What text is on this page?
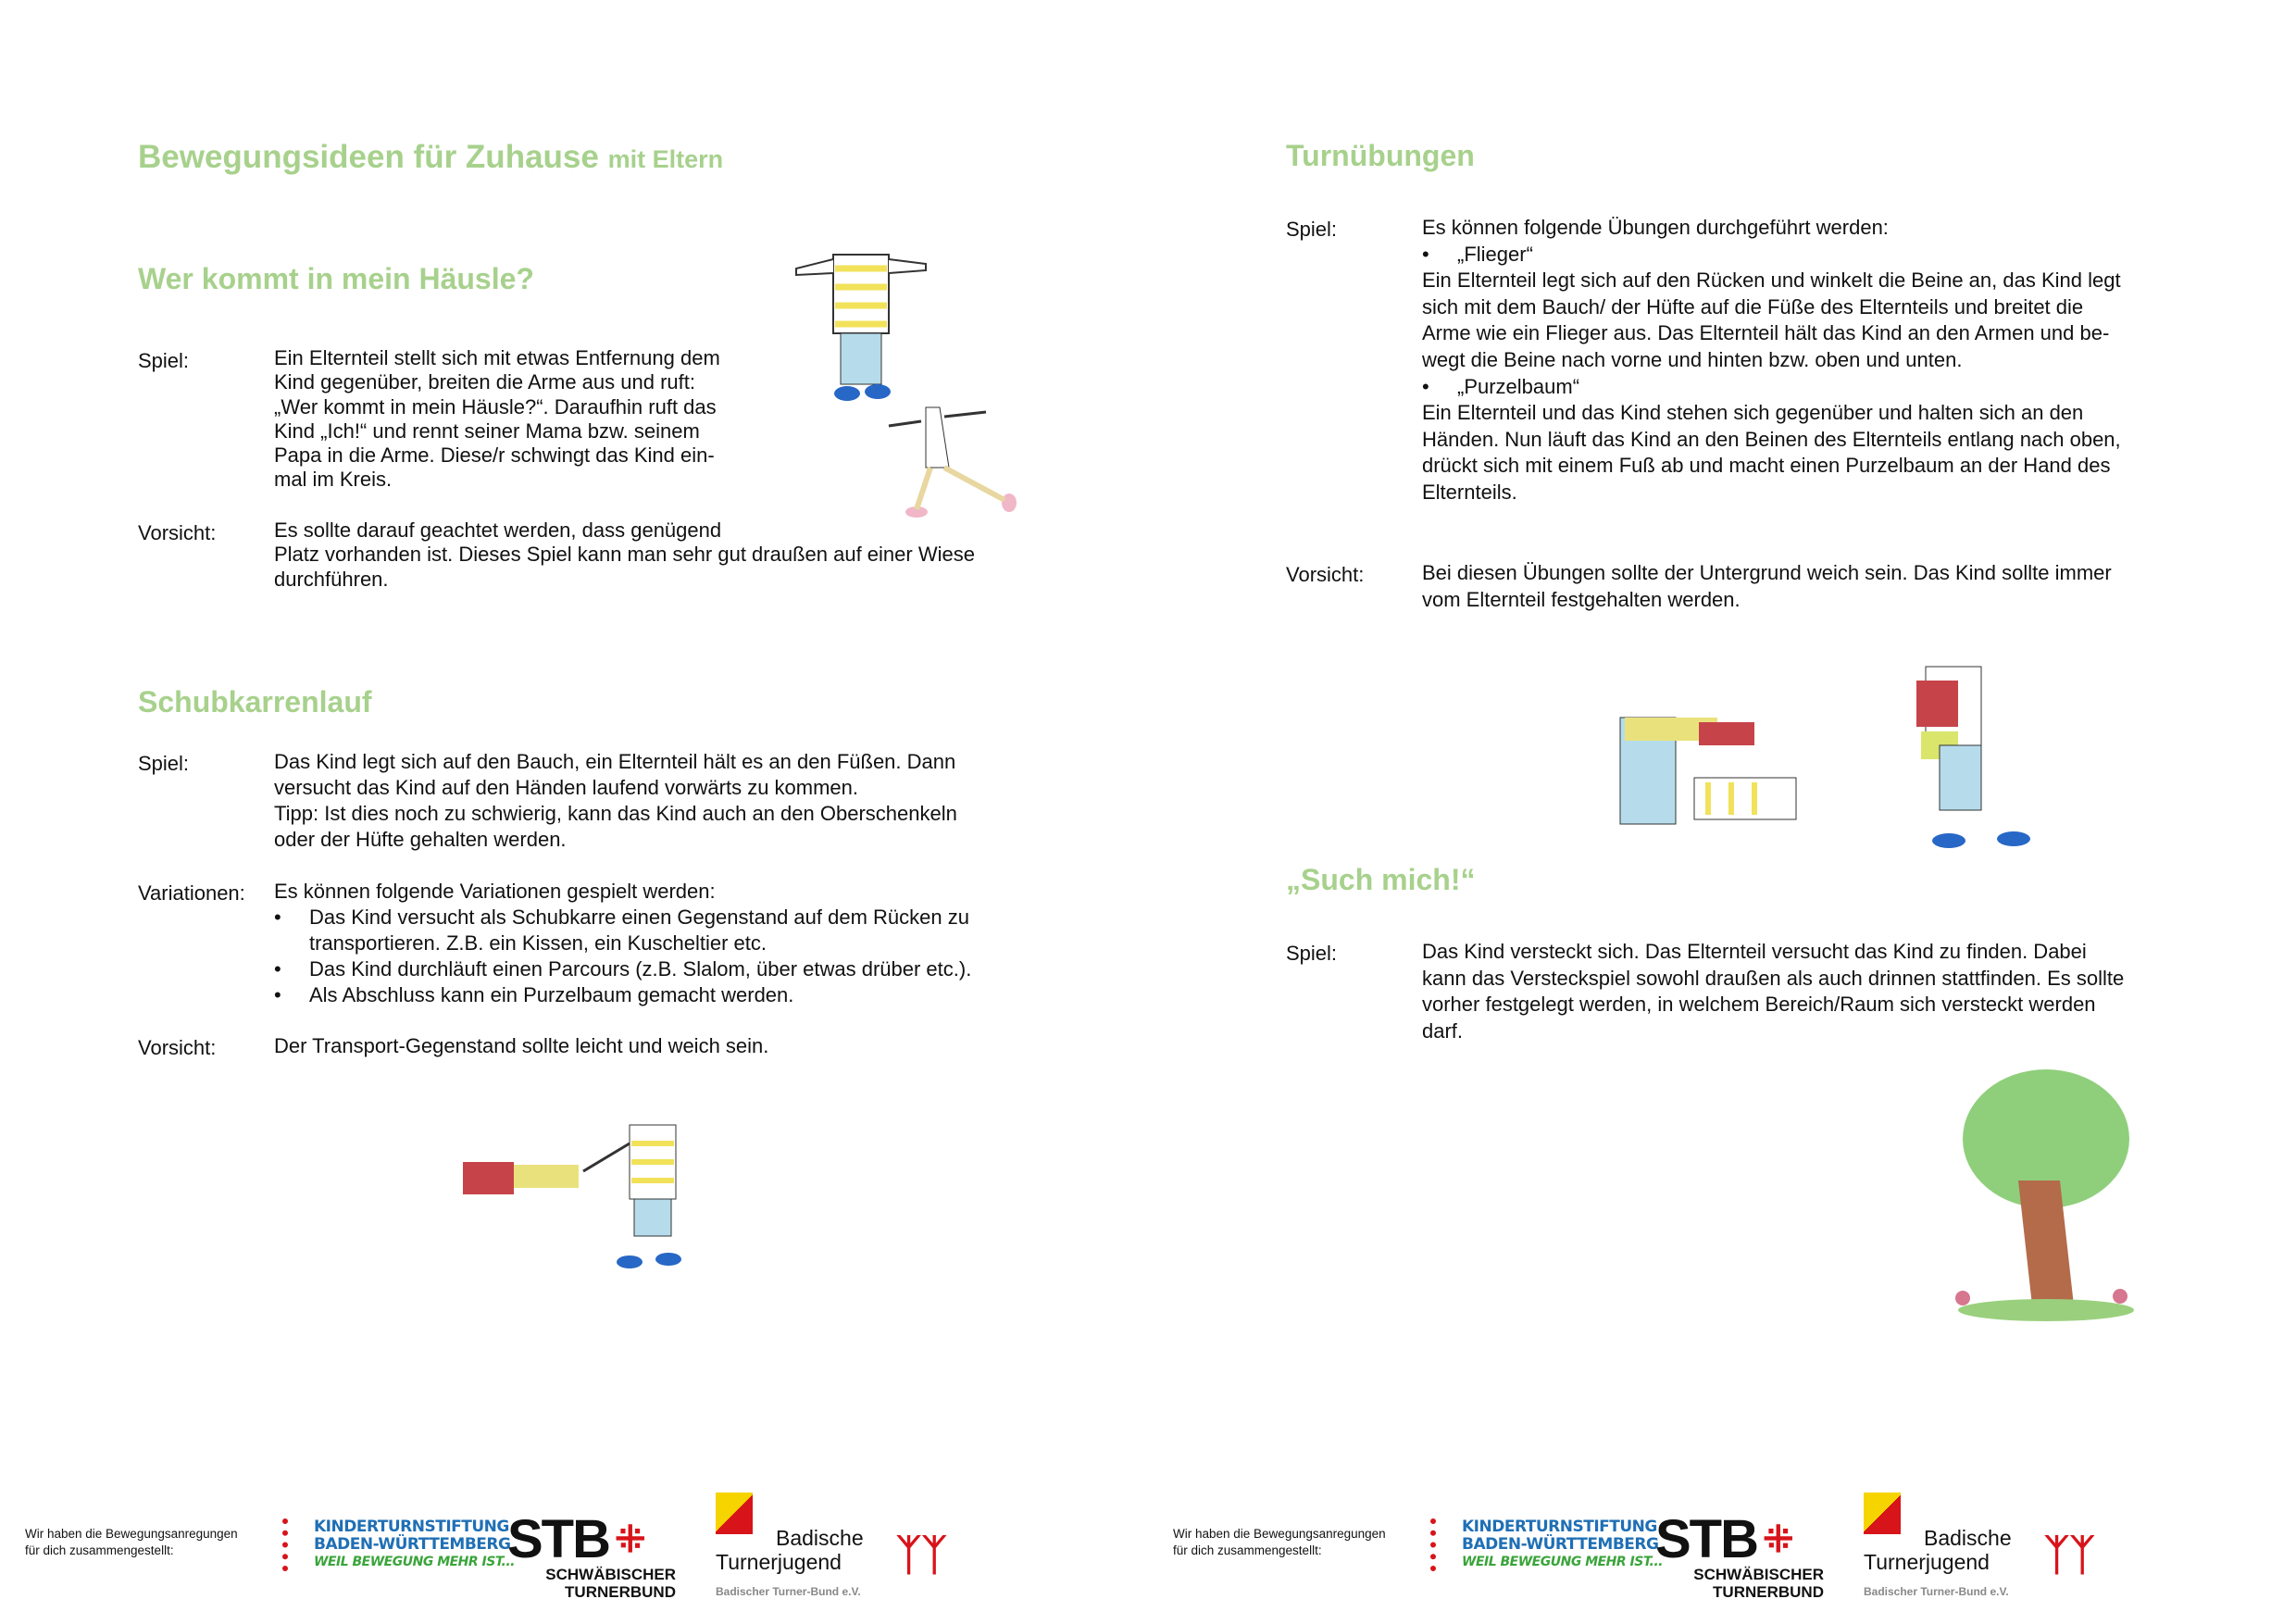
Bewegungsideen für Zuhause mit Eltern
Wer kommt in mein Häusle?
Spiel:	Ein Elternteil stellt sich mit etwas Entfernung dem

Kind gegenüber, breiten die Arme aus und ruft:

„Wer kommt in mein Häusle?“. Daraufhin ruft das

Kind „Ich!“ und rennt seiner Mama bzw. seinem

Papa in die Arme. Diese/r schwingt das Kind ein-

mal im Kreis.

Vorsicht:	Es sollte darauf geachtet werden, dass genügend

Platz vorhanden ist. Dieses Spiel kann man sehr gut draußen auf einer Wiese

durchführen.

Schubkarrenlauf
Spiel:	Das Kind legt sich auf den Bauch, ein Elternteil hält es an den Füßen. Dann

versucht das Kind auf den Händen laufend vorwärts zu kommen.

Tipp: Ist dies noch zu schwierig, kann das Kind auch an den Oberschenkeln

oder der Hüfte gehalten werden.

Variationen: Es können folgende Variationen gespielt werden:

• Das Kind versucht als Schubkarre einen Gegenstand auf dem Rücken zu transportieren. Z.B. ein Kissen, ein Kuscheltier etc.
• Das Kind durchläuft einen Parcours (z.B. Slalom, über etwas drüber etc.).
• Als Abschluss kann ein Purzelbaum gemacht werden.
Vorsicht:	Der Transport-Gegenstand sollte leicht und weich sein.
Turnübungen
Spiel:	Es können folgende Übungen durchgeführt werden:

• „Flieger“

Ein Elternteil legt sich auf den Rücken und winkelt die Beine an, das Kind legt

sich mit dem Bauch/ der Hüfte auf die Füße des Elternteils und breitet die

Arme wie ein Flieger aus. Das Elternteil hält das Kind an den Armen und be-

wegt die Beine nach vorne und hinten bzw. oben und unten.

• „Purzelbaum“

Ein Elternteil und das Kind stehen sich gegenüber und halten sich an den

Händen. Nun läuft das Kind an den Beinen des Elternteils entlang nach oben,

drückt sich mit einem Fuß ab und macht einen Purzelbaum an der Hand des

Elternteils.

Vorsicht:	Bei diesen Übungen sollte der Untergrund weich sein. Das Kind sollte immer

vom Elternteil festgehalten werden.

„Such mich!“
Spiel:	Das Kind versteckt sich. Das Elternteil versucht das Kind zu finden. Dabei

kann das Versteckspiel sowohl draußen als auch drinnen stattfinden. Es sollte

vorher festgelegt werden, in welchem Bereich/Raum sich versteckt werden

darf.

Wir haben die Bewegungsanregungen
für dich zusammengestellt:
KINDERTURNSTIFTUNG
BADEN-WÜRTTEMBERG
WEIL BEWEGUNG MEHR IST...
STB ⁜
SCHWÄBISCHER
TURNERBUND
Badische
Turnerjugend
Badischer Turner-Bund e.V.
ᛉᛉ	Wir haben die Bewegungsanregungen
für dich zusammengestellt:
KINDERTURNSTIFTUNG
BADEN-WÜRTTEMBERG
WEIL BEWEGUNG MEHR IST...
STB ⁜
SCHWÄBISCHER
TURNERBUND
Badische
Turnerjugend
Badischer Turner-Bund e.V.
ᛉᛉ
